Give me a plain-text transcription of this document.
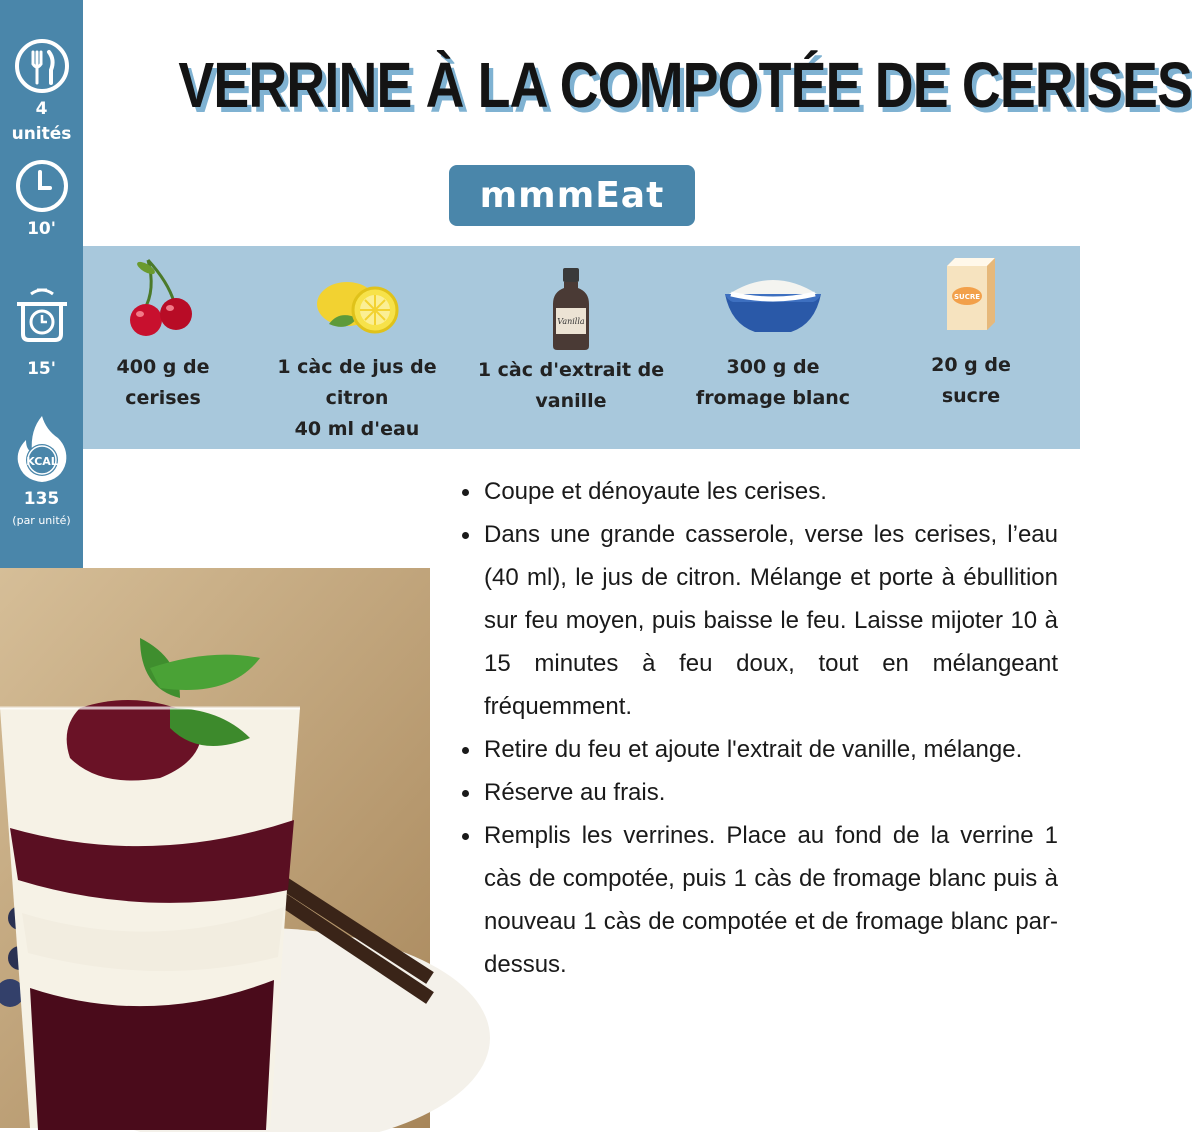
4
unités
10'
15'
KCAL
135
(par unité)
VERRINE À LA COMPOTÉE DE CERISES
mmmEat
400 g de
cerises
1 càc de jus de
citron
40 ml d'eau
Vanilla
1 càc d'extrait de
vanille
300 g de
fromage blanc
SUCRE
20 g de
sucre
Coupe et dénoyaute les cerises.
Dans une grande casserole, verse les cerises, l’eau (40 ml), le jus de citron. Mélange et porte à ébullition sur feu moyen, puis baisse le feu. Laisse mijoter 10 à 15 minutes à feu doux, tout en mélangeant fréquemment.
Retire du feu et ajoute l'extrait de vanille, mélange.
Réserve au frais.
Remplis les verrines. Place au fond de la verrine 1 càs de compotée, puis 1 càs de fromage blanc puis à nouveau 1 càs de compotée et de fromage blanc par-dessus.
